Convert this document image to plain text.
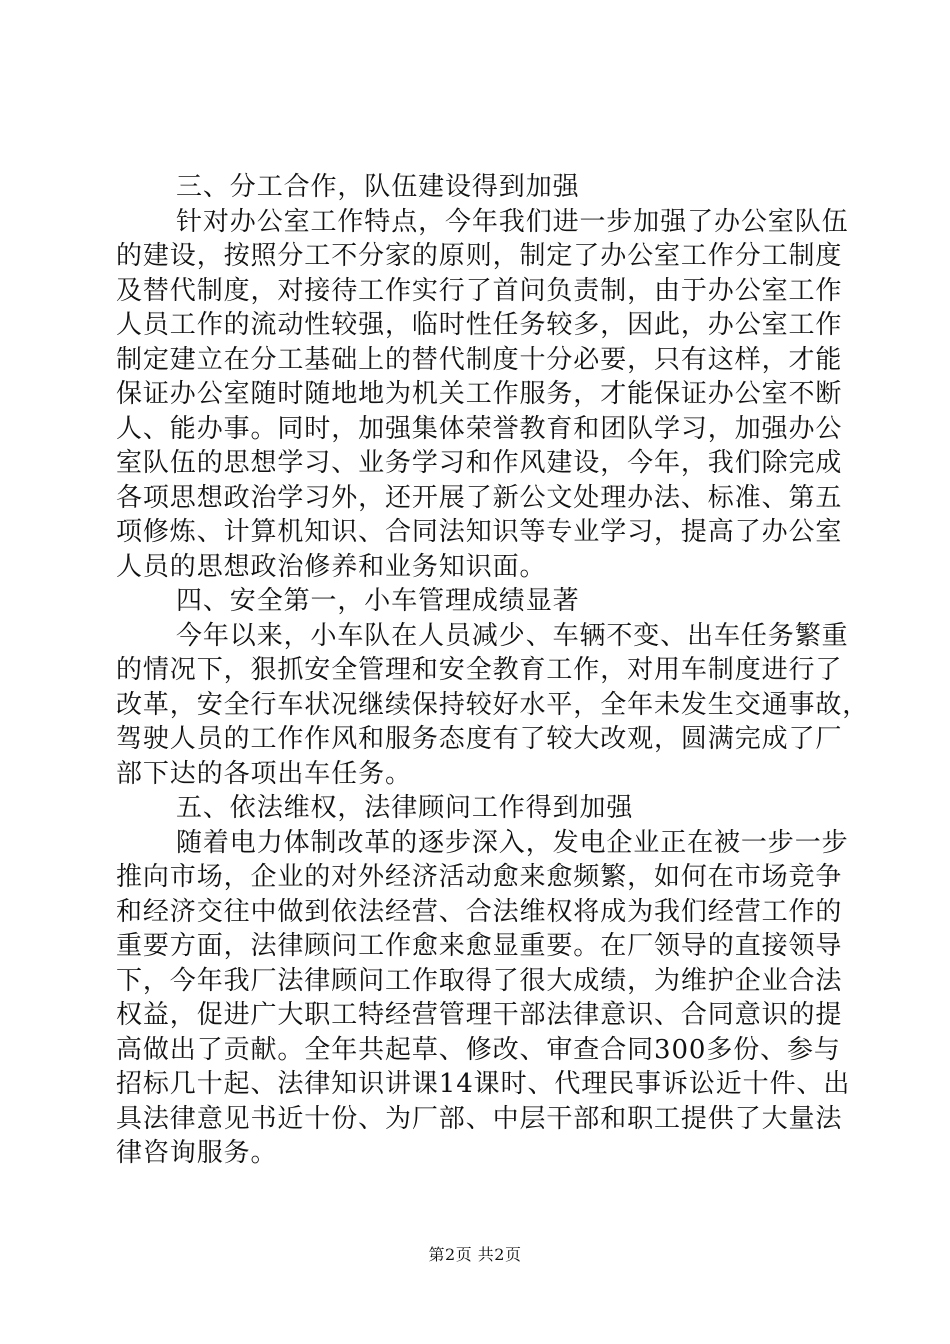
三、分工合作，队伍建设得到加强
针对办公室工作特点，今年我们进一步加强了办公室队伍
的建设，按照分工不分家的原则，制定了办公室工作分工制度
及替代制度，对接待工作实行了首问负责制，由于办公室工作
人员工作的流动性较强，临时性任务较多，因此，办公室工作
制定建立在分工基础上的替代制度十分必要，只有这样，才能
保证办公室随时随地地为机关工作服务，才能保证办公室不断
人、能办事。同时，加强集体荣誉教育和团队学习，加强办公
室队伍的思想学习、业务学习和作风建设，今年，我们除完成
各项思想政治学习外，还开展了新公文处理办法、标准、第五
项修炼、计算机知识、合同法知识等专业学习，提高了办公室
人员的思想政治修养和业务知识面。
四、安全第一，小车管理成绩显著
今年以来，小车队在人员减少、车辆不变、出车任务繁重
的情况下，狠抓安全管理和安全教育工作，对用车制度进行了
改革，安全行车状况继续保持较好水平，全年未发生交通事故，
驾驶人员的工作作风和服务态度有了较大改观，圆满完成了厂
部下达的各项出车任务。
五、依法维权，法律顾问工作得到加强
随着电力体制改革的逐步深入，发电企业正在被一步一步
推向市场，企业的对外经济活动愈来愈频繁，如何在市场竞争
和经济交往中做到依法经营、合法维权将成为我们经营工作的
重要方面，法律顾问工作愈来愈显重要。在厂领导的直接领导
下，今年我厂法律顾问工作取得了很大成绩，为维护企业合法
权益，促进广大职工特经营管理干部法律意识、合同意识的提
高做出了贡献。全年共起草、修改、审查合同300多份、参与
招标几十起、法律知识讲课14课时、代理民事诉讼近十件、出
具法律意见书近十份、为厂部、中层干部和职工提供了大量法
律咨询服务。
第2页 共2页
